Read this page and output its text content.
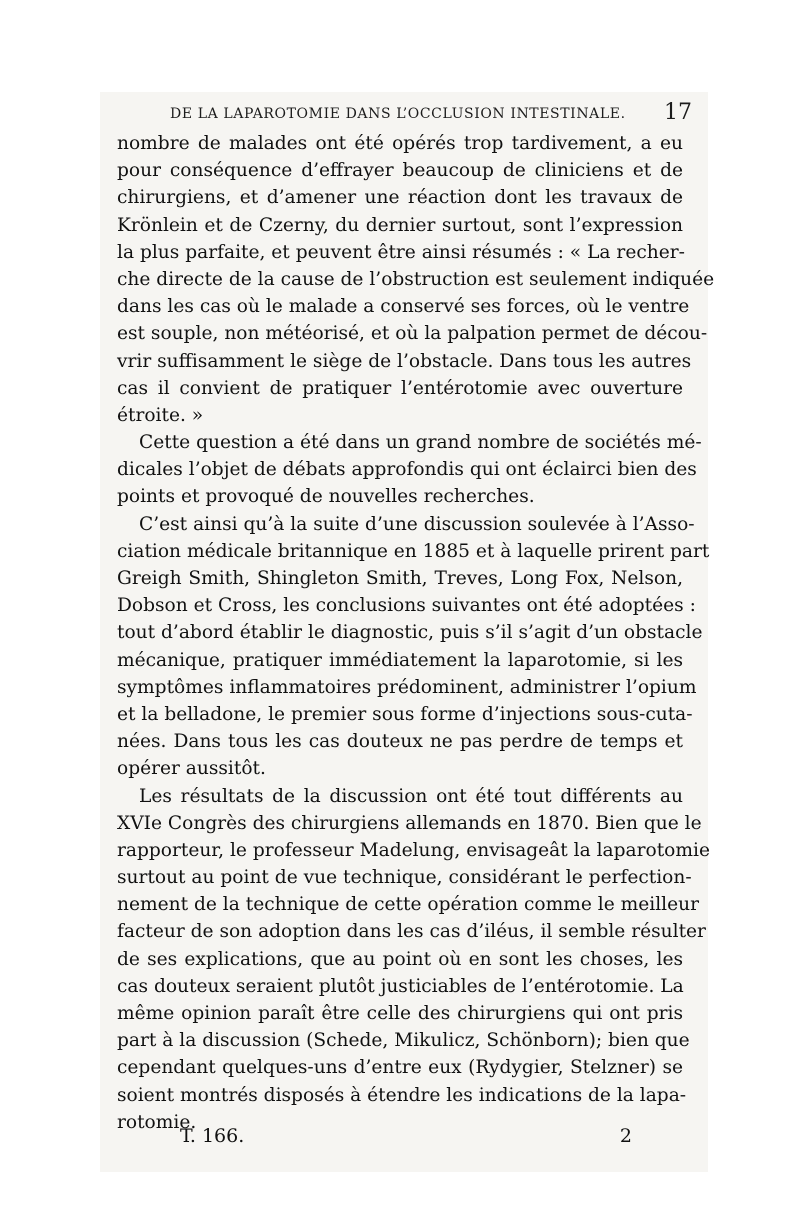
DE LA LAPAROTOMIE DANS L’OCCLUSION INTESTINALE. 17
nombre de malades ont été opérés trop tardivement, a eu
pour conséquence d’effrayer beaucoup de cliniciens et de
chirurgiens, et d’amener une réaction dont les travaux de
Krönlein et de Czerny, du dernier surtout, sont l’expression
la plus parfaite, et peuvent être ainsi résumés : « La recher-
che directe de la cause de l’obstruction est seulement indiquée
dans les cas où le malade a conservé ses forces, où le ventre
est souple, non météorisé, et où la palpation permet de décou-
vrir suffisamment le siège de l’obstacle. Dans tous les autres
cas il convient de pratiquer l’entérotomie avec ouverture
étroite. »
Cette question a été dans un grand nombre de sociétés mé-
dicales l’objet de débats approfondis qui ont éclairci bien des
points et provoqué de nouvelles recherches.
C’est ainsi qu’à la suite d’une discussion soulevée à l’Asso-
ciation médicale britannique en 1885 et à laquelle prirent part
Greigh Smith, Shingleton Smith, Treves, Long Fox, Nelson,
Dobson et Cross, les conclusions suivantes ont été adoptées :
tout d’abord établir le diagnostic, puis s’il s’agit d’un obstacle
mécanique, pratiquer immédiatement la laparotomie, si les
symptômes inflammatoires prédominent, administrer l’opium
et la belladone, le premier sous forme d’injections sous-cuta-
nées. Dans tous les cas douteux ne pas perdre de temps et
opérer aussitôt.
Les résultats de la discussion ont été tout différents au
XVIe Congrès des chirurgiens allemands en 1870. Bien que le
rapporteur, le professeur Madelung, envisageât la laparotomie
surtout au point de vue technique, considérant le perfection-
nement de la technique de cette opération comme le meilleur
facteur de son adoption dans les cas d’iléus, il semble résulter
de ses explications, que au point où en sont les choses, les
cas douteux seraient plutôt justiciables de l’entérotomie. La
même opinion paraît être celle des chirurgiens qui ont pris
part à la discussion (Schede, Mikulicz, Schönborn); bien que
cependant quelques-uns d’entre eux (Rydygier, Stelzner) se
soient montrés disposés à étendre les indications de la lapa-
rotomie.
T. 166.	2
